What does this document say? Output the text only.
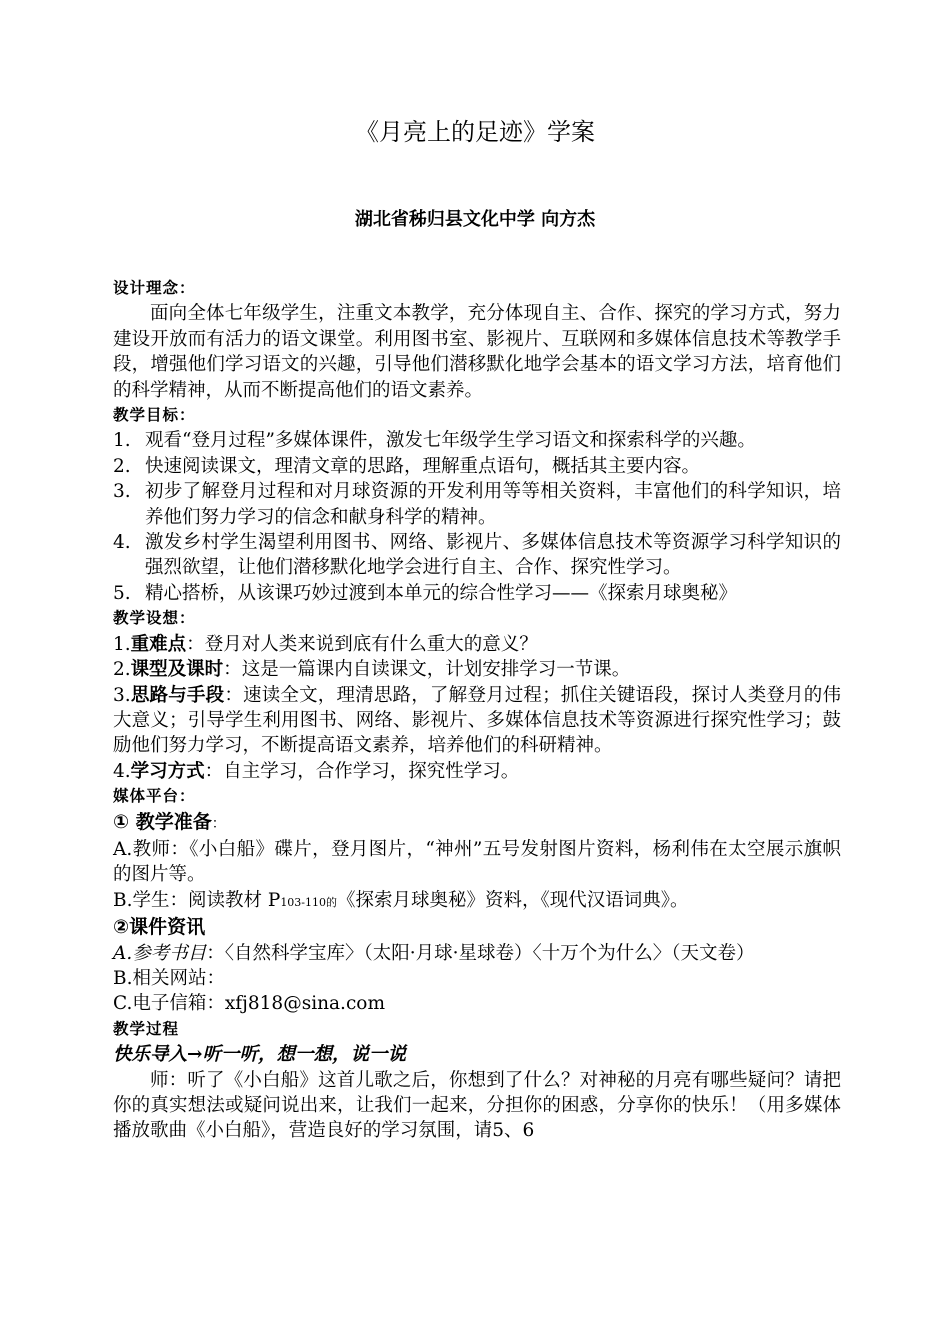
《月亮上的足迹》学案
湖北省秭归县文化中学 向方杰

设计理念：

面向全体七年级学生，注重文本教学，充分体现自主、合作、探究的学习方式，努力建设开放而有活力的语文课堂。利用图书室、影视片、互联网和多媒体信息技术等教学手段，增强他们学习语文的兴趣，引导他们潜移默化地学会基本的语文学习方法，培育他们的科学精神，从而不断提高他们的语文素养。

教学目标：

1. 观看“登月过程”多媒体课件，激发七年级学生学习语文和探索科学的兴趣。
2. 快速阅读课文，理清文章的思路，理解重点语句，概括其主要内容。
3. 初步了解登月过程和对月球资源的开发利用等等相关资料，丰富他们的科学知识，培养他们努力学习的信念和献身科学的精神。
4. 激发乡村学生渴望利用图书、网络、影视片、多媒体信息技术等资源学习科学知识的强烈欲望，让他们潜移默化地学会进行自主、合作、探究性学习。
5. 精心搭桥，从该课巧妙过渡到本单元的综合性学习——《探索月球奥秘》

教学设想：

1.重难点：登月对人类来说到底有什么重大的意义？

2.课型及课时：这是一篇课内自读课文，计划安排学习一节课。

3.思路与手段：速读全文，理清思路，了解登月过程；抓住关键语段，探讨人类登月的伟大意义；引导学生利用图书、网络、影视片、多媒体信息技术等资源进行探究性学习；鼓励他们努力学习，不断提高语文素养，培养他们的科研精神。

4.学习方式：自主学习，合作学习，探究性学习。

媒体平台：

① 教学准备：

A.教师：《小白船》碟片，登月图片，“神州”五号发射图片资料，杨利伟在太空展示旗帜的图片等。

B.学生：阅读教材 P103-110的《探索月球奥秘》资料，《现代汉语词典》。

②课件资讯

A.参考书目：〈自然科学宝库〉（太阳·月球·星球卷）〈十万个为什么〉（天文卷）

B.相关网站：

C.电子信箱：xfj818@sina.com

教学过程

快乐导入→听一听，想一想，说一说

师：听了《小白船》这首儿歌之后，你想到了什么？对神秘的月亮有哪些疑问？请把你的真实想法或疑问说出来，让我们一起来，分担你的困惑，分享你的快乐！（用多媒体播放歌曲《小白船》，营造良好的学习氛围，请5、6
